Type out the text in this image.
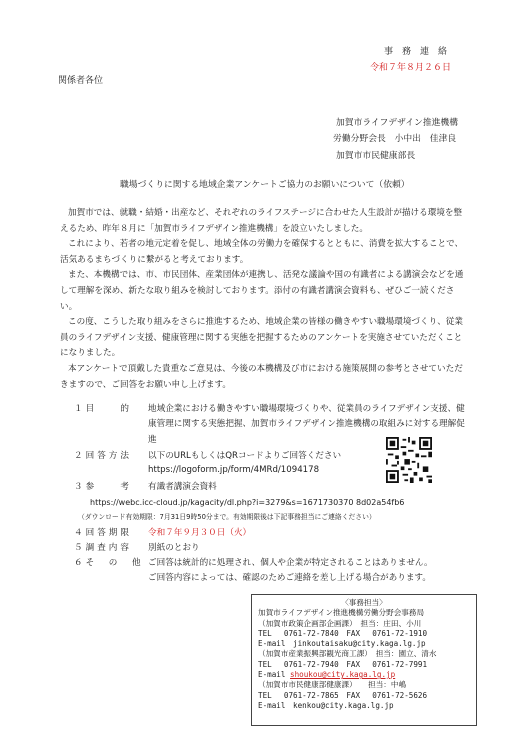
事　務　連　絡
令和７年８月２６日
関係者各位
加賀市ライフデザイン推進機構
労働分野会長　小中出　佳津良
加賀市市民健康部長
職場づくりに関する地域企業アンケートご協力のお願いについて（依頼）

加賀市では、就職・結婚・出産など、それぞれのライフステージに合わせた人生設計が描ける環境を整えるため、昨年８月に「加賀市ライフデザイン推進機構」を設立いたしました。

これにより、若者の地元定着を促し、地域全体の労働力を確保するとともに、消費を拡大することで、活気あるまちづくりに繋がると考えております。

また、本機構では、市、市民団体、産業団体が連携し、活発な議論や国の有識者による講演会などを通して理解を深め、新たな取り組みを検討しております。添付の有識者講演会資料も、ぜひご一読ください。

この度、こうした取り組みをさらに推進するため、地域企業の皆様の働きやすい職場環境づくり、従業員のライフデザイン支援、健康管理に関する実態を把握するためのアンケートを実施させていただくことになりました。

本アンケートで頂戴した貴重なご意見は、今後の本機構及び市における施策展開の参考とさせていただきますので、ご回答をお願い申し上げます。

１目　　的 地域企業における働きやすい職場環境づくりや、従業員のライフデザイン支援、健康管理に関する実態把握、加賀市ライフデザイン推進機構の取組みに対する理解促進
２回答方法 以下のURLもしくはQRコードよりご回答ください
https://logoform.jp/form/4MRd/1094178
３参　　考 有識者講演会資料
https://webc.icc-cloud.jp/kagacity/dl.php?i=3279&s=1671730370 8d02a54fb6
（ダウンロード有効期限：7月31日9時50分まで。有効期限後は下記事務担当にご連絡ください）
４回答期限 令和７年９月３０日（火）
５調査内容 別紙のとおり
６そ　の　他 ご回答は統計的に処理され、個人や企業が特定されることはありません。
ご回答内容によっては、確認のためご連絡を差し上げる場合があります。
〈事務担当〉
加賀市ライフデザイン推進機構労働分野会事務局
（加賀市政策企画部企画課）　担当：庄田、小川
TEL　 0761-72-7840　FAX　 0761-72-1910
E-mail　jinkoutaisaku@city.kaga.lg.jp
（加賀市産業振興部観光商工課）　担当：園立、清水
TEL　 0761-72-7940　FAX　 0761-72-7991
E-mail shoukou@city.kaga.lg.jp
（加賀市市民健康部健康課）　　担当：中嶋
TEL　 0761-72-7865　FAX　 0761-72-5626
E-mail　kenkou@city.kaga.lg.jp
